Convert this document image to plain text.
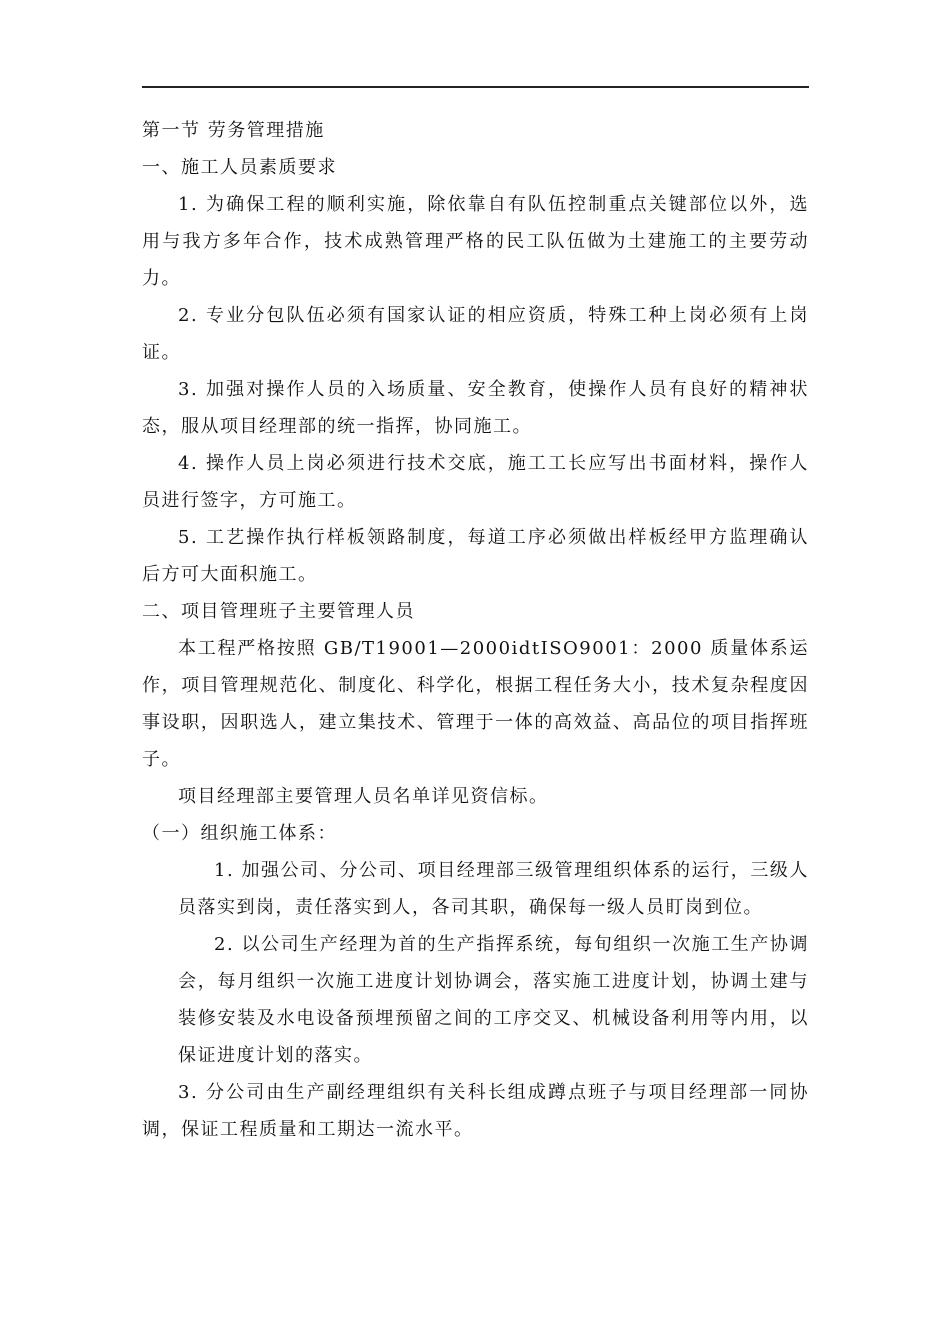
第一节 劳务管理措施

一、施工人员素质要求

1. 为确保工程的顺利实施，除依靠自有队伍控制重点关键部位以外，选用与我方多年合作，技术成熟管理严格的民工队伍做为土建施工的主要劳动力。

2. 专业分包队伍必须有国家认证的相应资质，特殊工种上岗必须有上岗证。

3. 加强对操作人员的入场质量、安全教育，使操作人员有良好的精神状态，服从项目经理部的统一指挥，协同施工。

4. 操作人员上岗必须进行技术交底，施工工长应写出书面材料，操作人员进行签字，方可施工。

5. 工艺操作执行样板领路制度，每道工序必须做出样板经甲方监理确认后方可大面积施工。

二、项目管理班子主要管理人员

本工程严格按照 GB/T19001—2000idtISO9001：2000 质量体系运作，项目管理规范化、制度化、科学化，根据工程任务大小，技术复杂程度因事设职，因职选人，建立集技术、管理于一体的高效益、高品位的项目指挥班子。

项目经理部主要管理人员名单详见资信标。

（一）组织施工体系：

1. 加强公司、分公司、项目经理部三级管理组织体系的运行，三级人员落实到岗，责任落实到人，各司其职，确保每一级人员盯岗到位。

2. 以公司生产经理为首的生产指挥系统，每旬组织一次施工生产协调会，每月组织一次施工进度计划协调会，落实施工进度计划，协调土建与装修安装及水电设备预埋预留之间的工序交叉、机械设备利用等内用，以保证进度计划的落实。

3. 分公司由生产副经理组织有关科长组成蹲点班子与项目经理部一同协调，保证工程质量和工期达一流水平。
